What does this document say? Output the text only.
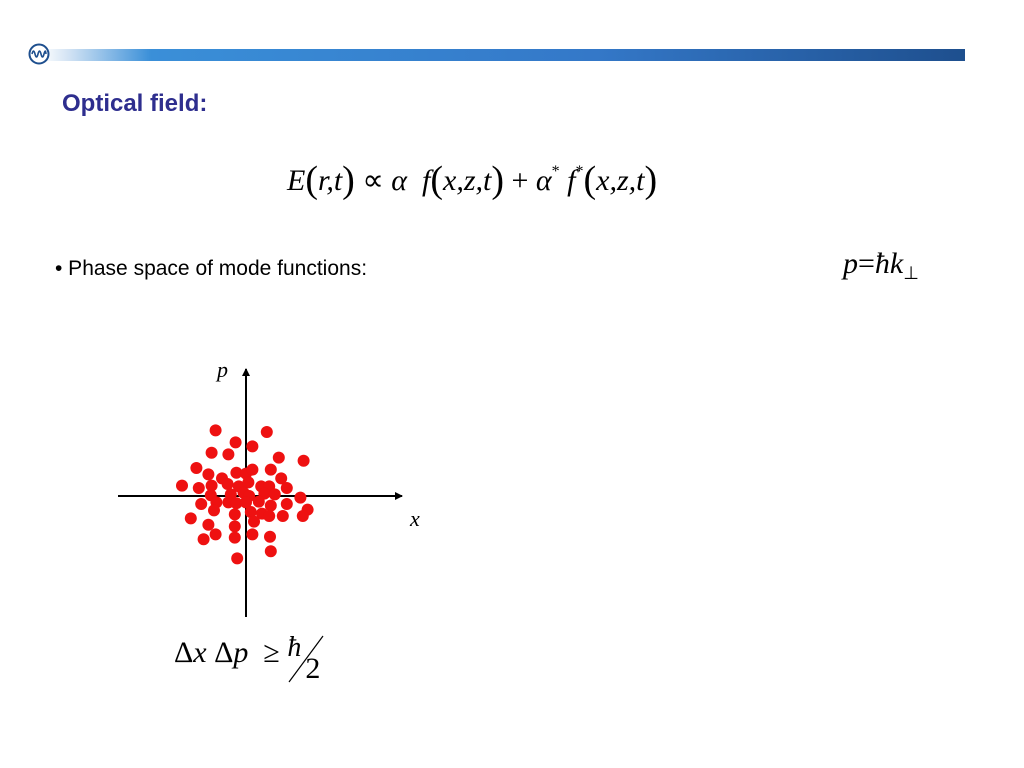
Optical field:
E(r,t) ∝ α f(x,z,t) + α* f*(x,z,t)
• Phase space of mode functions:	$p=ħk_\perp$
p
x
Δx Δp ≥ ħ
2
